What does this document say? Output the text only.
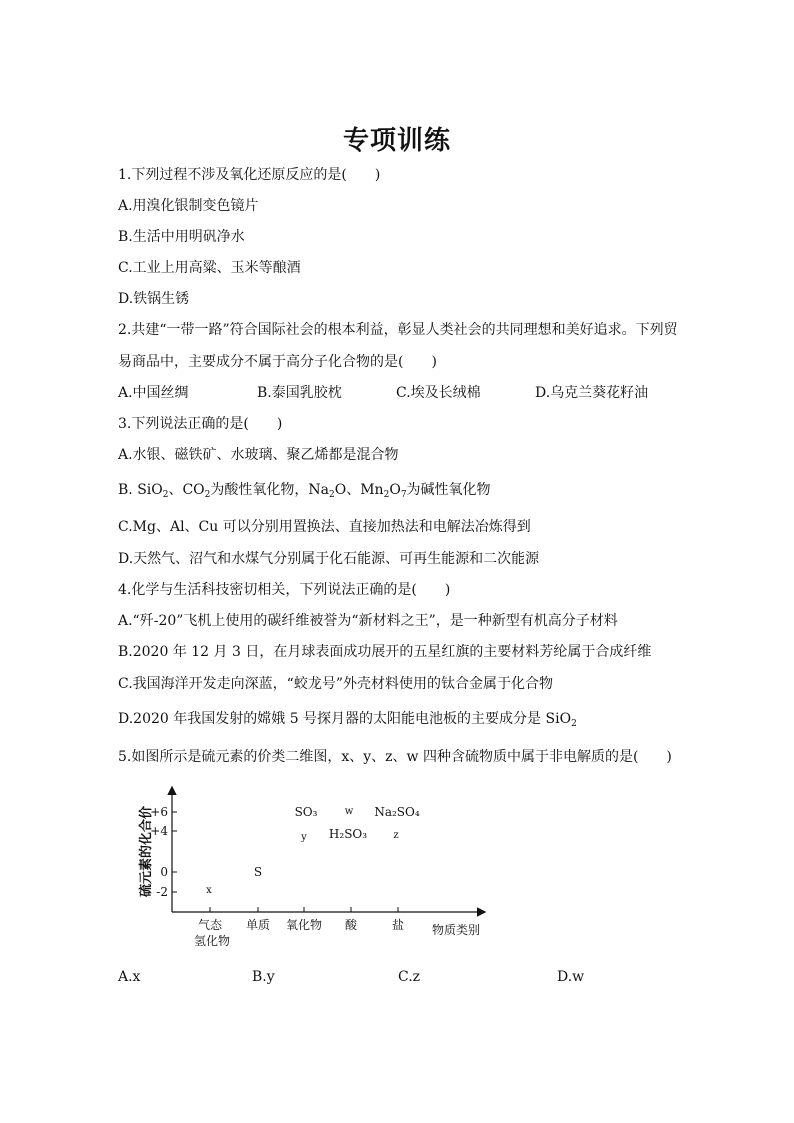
专项训练
1.下列过程不涉及氧化还原反应的是(　　)
A.用溴化银制变色镜片
B.生活中用明矾净水
C.工业上用高粱、玉米等酿酒
D.铁锅生锈
2.共建“一带一路”符合国际社会的根本利益，彰显人类社会的共同理想和美好追求。下列贸
易商品中，主要成分不属于高分子化合物的是(　　)
A.中国丝绸	B.泰国乳胶枕	C.埃及长绒棉	D.乌克兰葵花籽油
3.下列说法正确的是(　　)
A.水银、磁铁矿、水玻璃、聚乙烯都是混合物
B. SiO$_2$、$CO_2$为酸性氧化物，$Na_2O$、$Mn_2O_7$为碱性氧化物
C.Mg、Al、Cu 可以分别用置换法、直接加热法和电解法冶炼得到
D.天然气、沼气和水煤气分别属于化石能源、可再生能源和二次能源
4.化学与生活科技密切相关，下列说法正确的是(　　)
A.“歼-20”飞机上使用的碳纤维被誉为“新材料之王”，是一种新型有机高分子材料
B.2020 年 12 月 3 日，在月球表面成功展开的五星红旗的主要材料芳纶属于合成纤维
C.我国海洋开发走向深蓝，“蛟龙号”外壳材料使用的钛合金属于化合物
D.2020 年我国发射的嫦娥 5 号探月器的太阳能电池板的主要成分是 SiO$_2$
5.如图所示是硫元素的价类二维图，x、y、z、w 四种含硫物质中属于非电解质的是(　　)
硫元素的化合价
物质类别
+6
+4
0
-2
气态氢化物
单质 氧化物 酸	盐
x
S
SO₃
y
w
H₂SO₃
Na₂SO₄
z
A.x	B.y	C.z	D.w
